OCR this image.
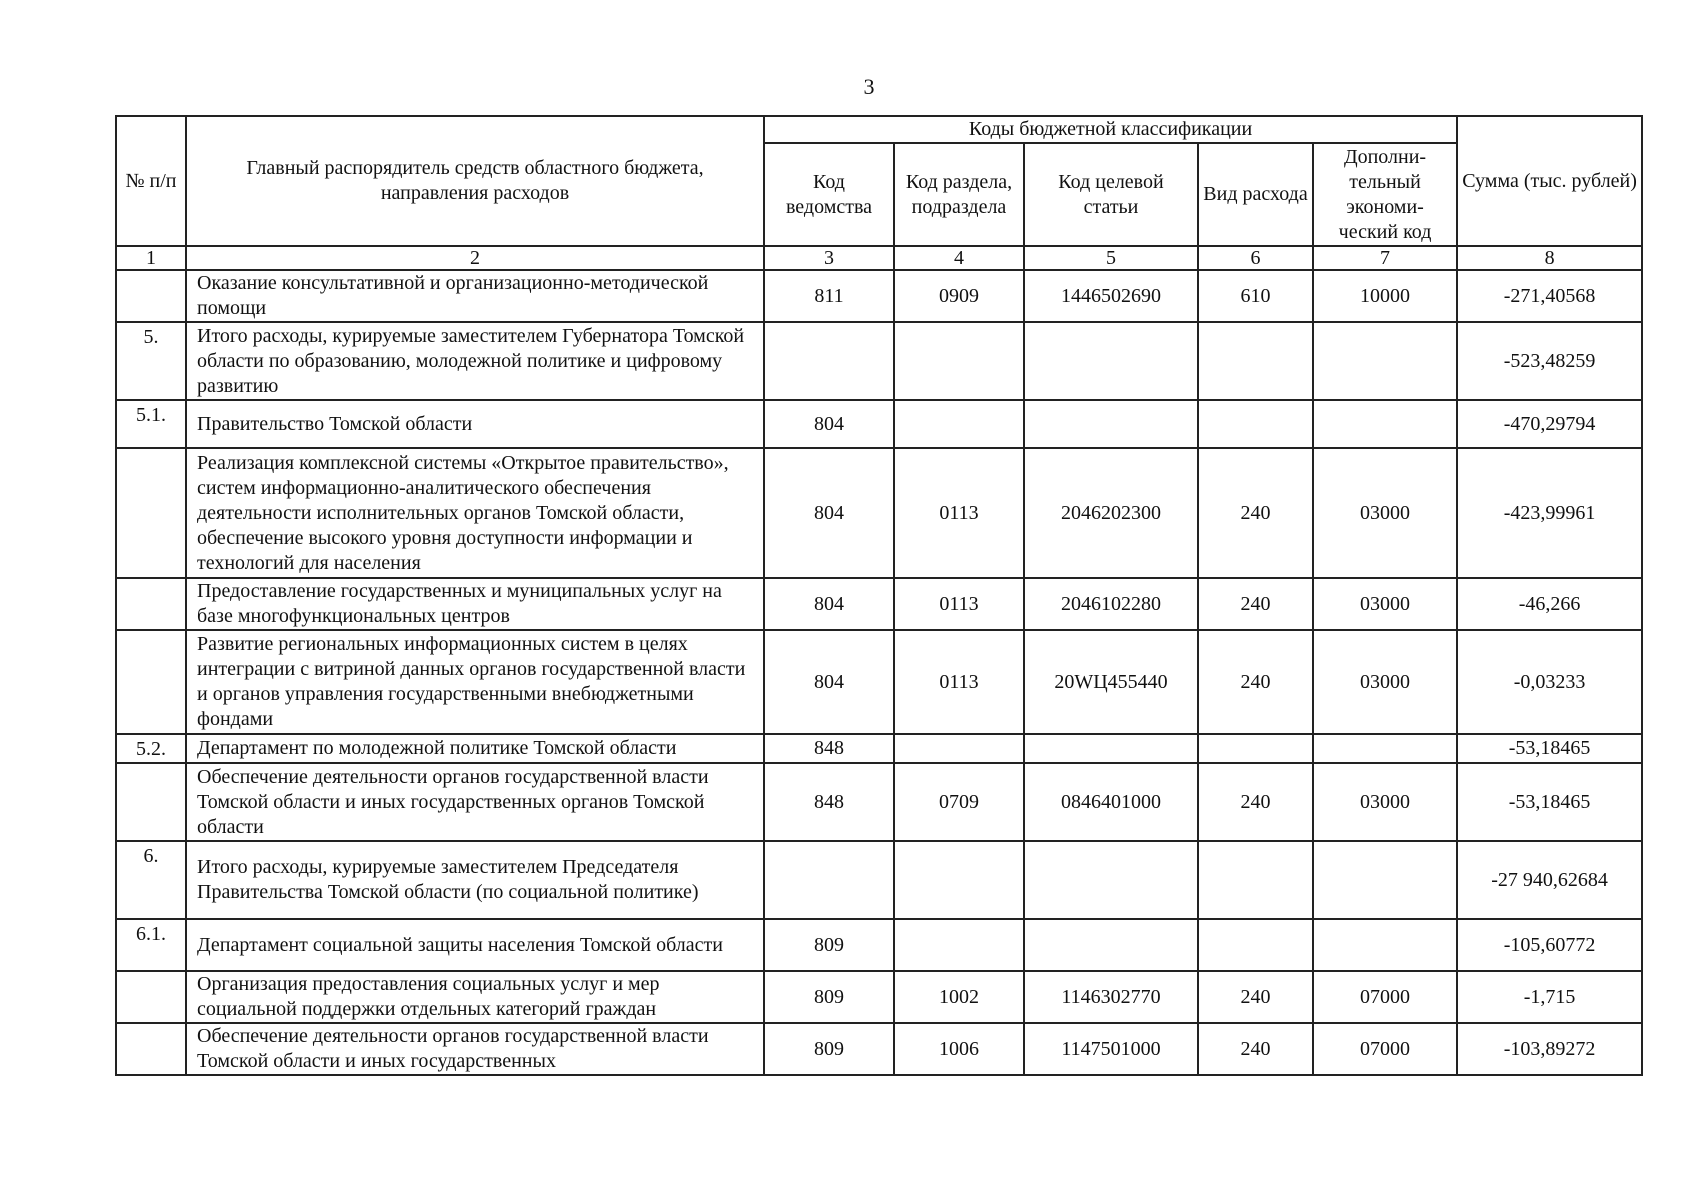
3
№ п/п	Главный распорядитель средств областного бюджета, направления расходов	Коды бюджетной классификации					Сумма (тыс. рублей)
		Код ведомства	Код раздела, подраздела	Код целевой статьи	Вид расхода	Дополни-тельный экономи-ческий код	
1	2	3	4	5	6	7	8
	Оказание консультативной и организационно-методической помощи	811	0909	1446502690	610	10000	-271,40568
5.	Итого расходы, курируемые заместителем Губернатора Томской области по образованию, молодежной политике и цифровому развитию						-523,48259
5.1.	Правительство Томской области	804					-470,29794
	Реализация комплексной системы «Открытое правительство», систем информационно-аналитического обеспечения деятельности исполнительных органов Томской области, обеспечение высокого уровня доступности информации и технологий для населения	804	0113	2046202300	240	03000	-423,99961
	Предоставление государственных и муниципальных услуг на базе многофункциональных центров	804	0113	2046102280	240	03000	-46,266
	Развитие региональных информационных систем в целях интеграции с витриной данных органов государственной власти и органов управления государственными внебюджетными фондами	804	0113	20WЦ455440	240	03000	-0,03233
5.2.	Департамент по молодежной политике Томской области	848					-53,18465
	Обеспечение деятельности органов государственной власти Томской области и иных государственных органов Томской области	848	0709	0846401000	240	03000	-53,18465
6.	Итого расходы, курируемые заместителем Председателя Правительства Томской области (по социальной политике)						-27 940,62684
6.1.	Департамент социальной защиты населения Томской области	809					-105,60772
	Организация предоставления социальных услуг и мер социальной поддержки отдельных категорий граждан	809	1002	1146302770	240	07000	-1,715
	Обеспечение деятельности органов государственной власти Томской области и иных государственных	809	1006	1147501000	240	07000	-103,89272
